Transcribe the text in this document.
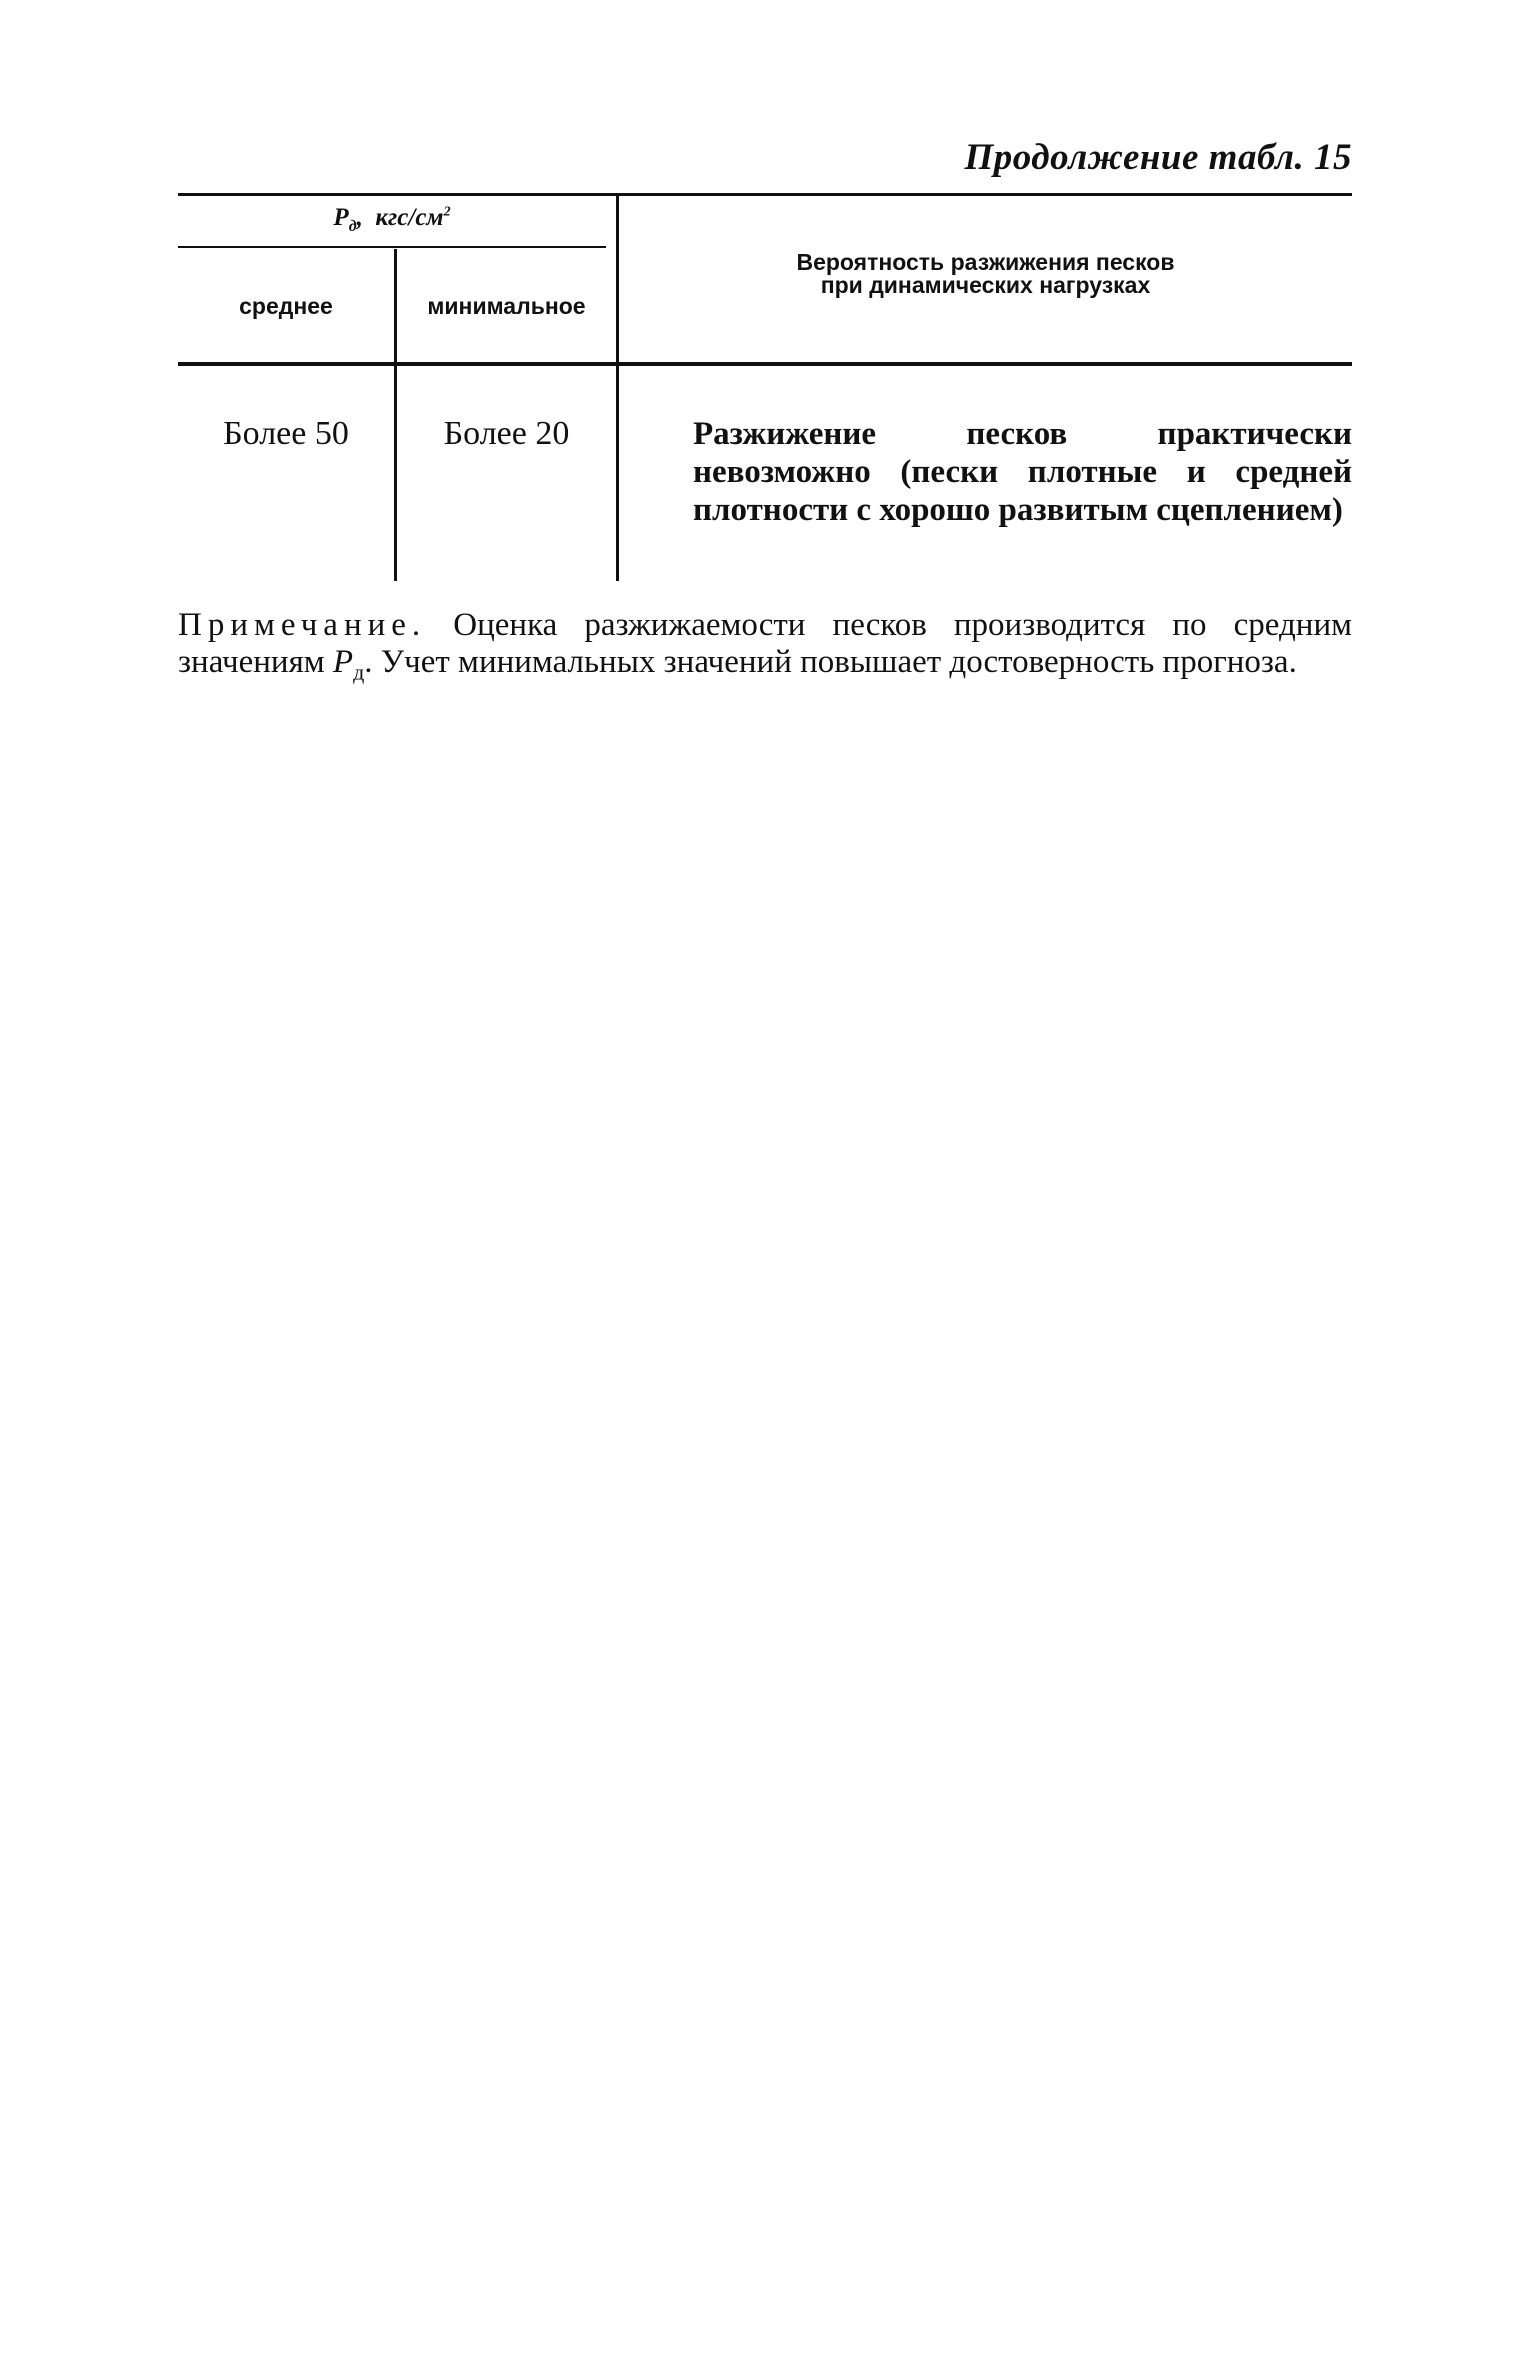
Продолжение табл. 15
$P_д$,  кгс/$см^2$
среднее	минимальное
Вероятность разжижения песков
при динамических нагрузках
Более 50	Более 20	Разжижение песков практически невозможно (пески плотные и средней плотности с хорошо развитым сцеплением)
Примечание. Оценка разжижаемости песков производится по средним значениям $P_д$. Учет минимальных значений повышает достоверность прогноза.
